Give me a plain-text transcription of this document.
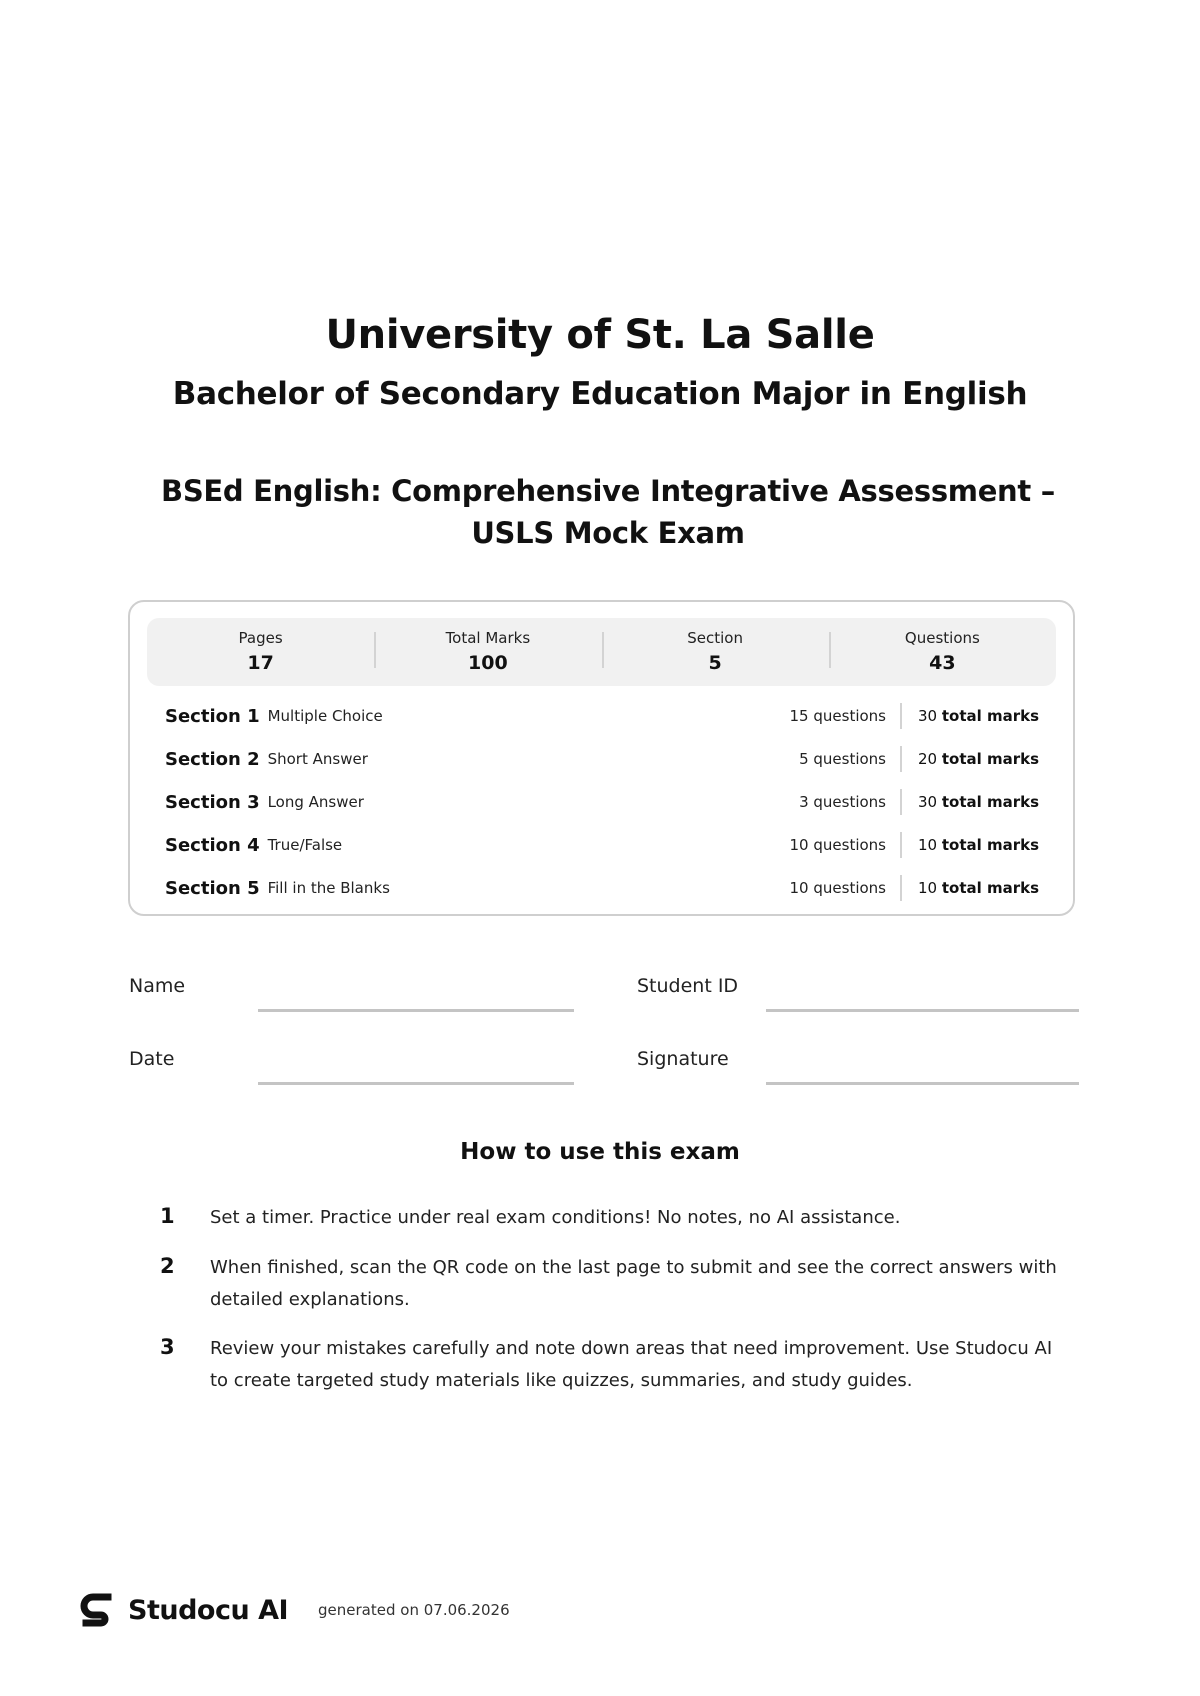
University of St. La Salle
Bachelor of Secondary Education Major in English
BSEd English: Comprehensive Integrative Assessment – USLS Mock Exam
Pages
17
Total Marks
100
Section
5
Questions
43
Section 1 Multiple Choice	15 questions	30 total marks
Section 2 Short Answer	5 questions	20 total marks
Section 3 Long Answer	3 questions	30 total marks
Section 4 True/False	10 questions	10 total marks
Section 5 Fill in the Blanks	10 questions	10 total marks
Name	Student ID
Date	Signature
How to use this exam
1 Set a timer. Practice under real exam conditions! No notes, no AI assistance.
2 When finished, scan the QR code on the last page to submit and see the correct answers with detailed explanations.
3 Review your mistakes carefully and note down areas that need improvement. Use Studocu AI to create targeted study materials like quizzes, summaries, and study guides.
Studocu AI generated on 07.06.2026
